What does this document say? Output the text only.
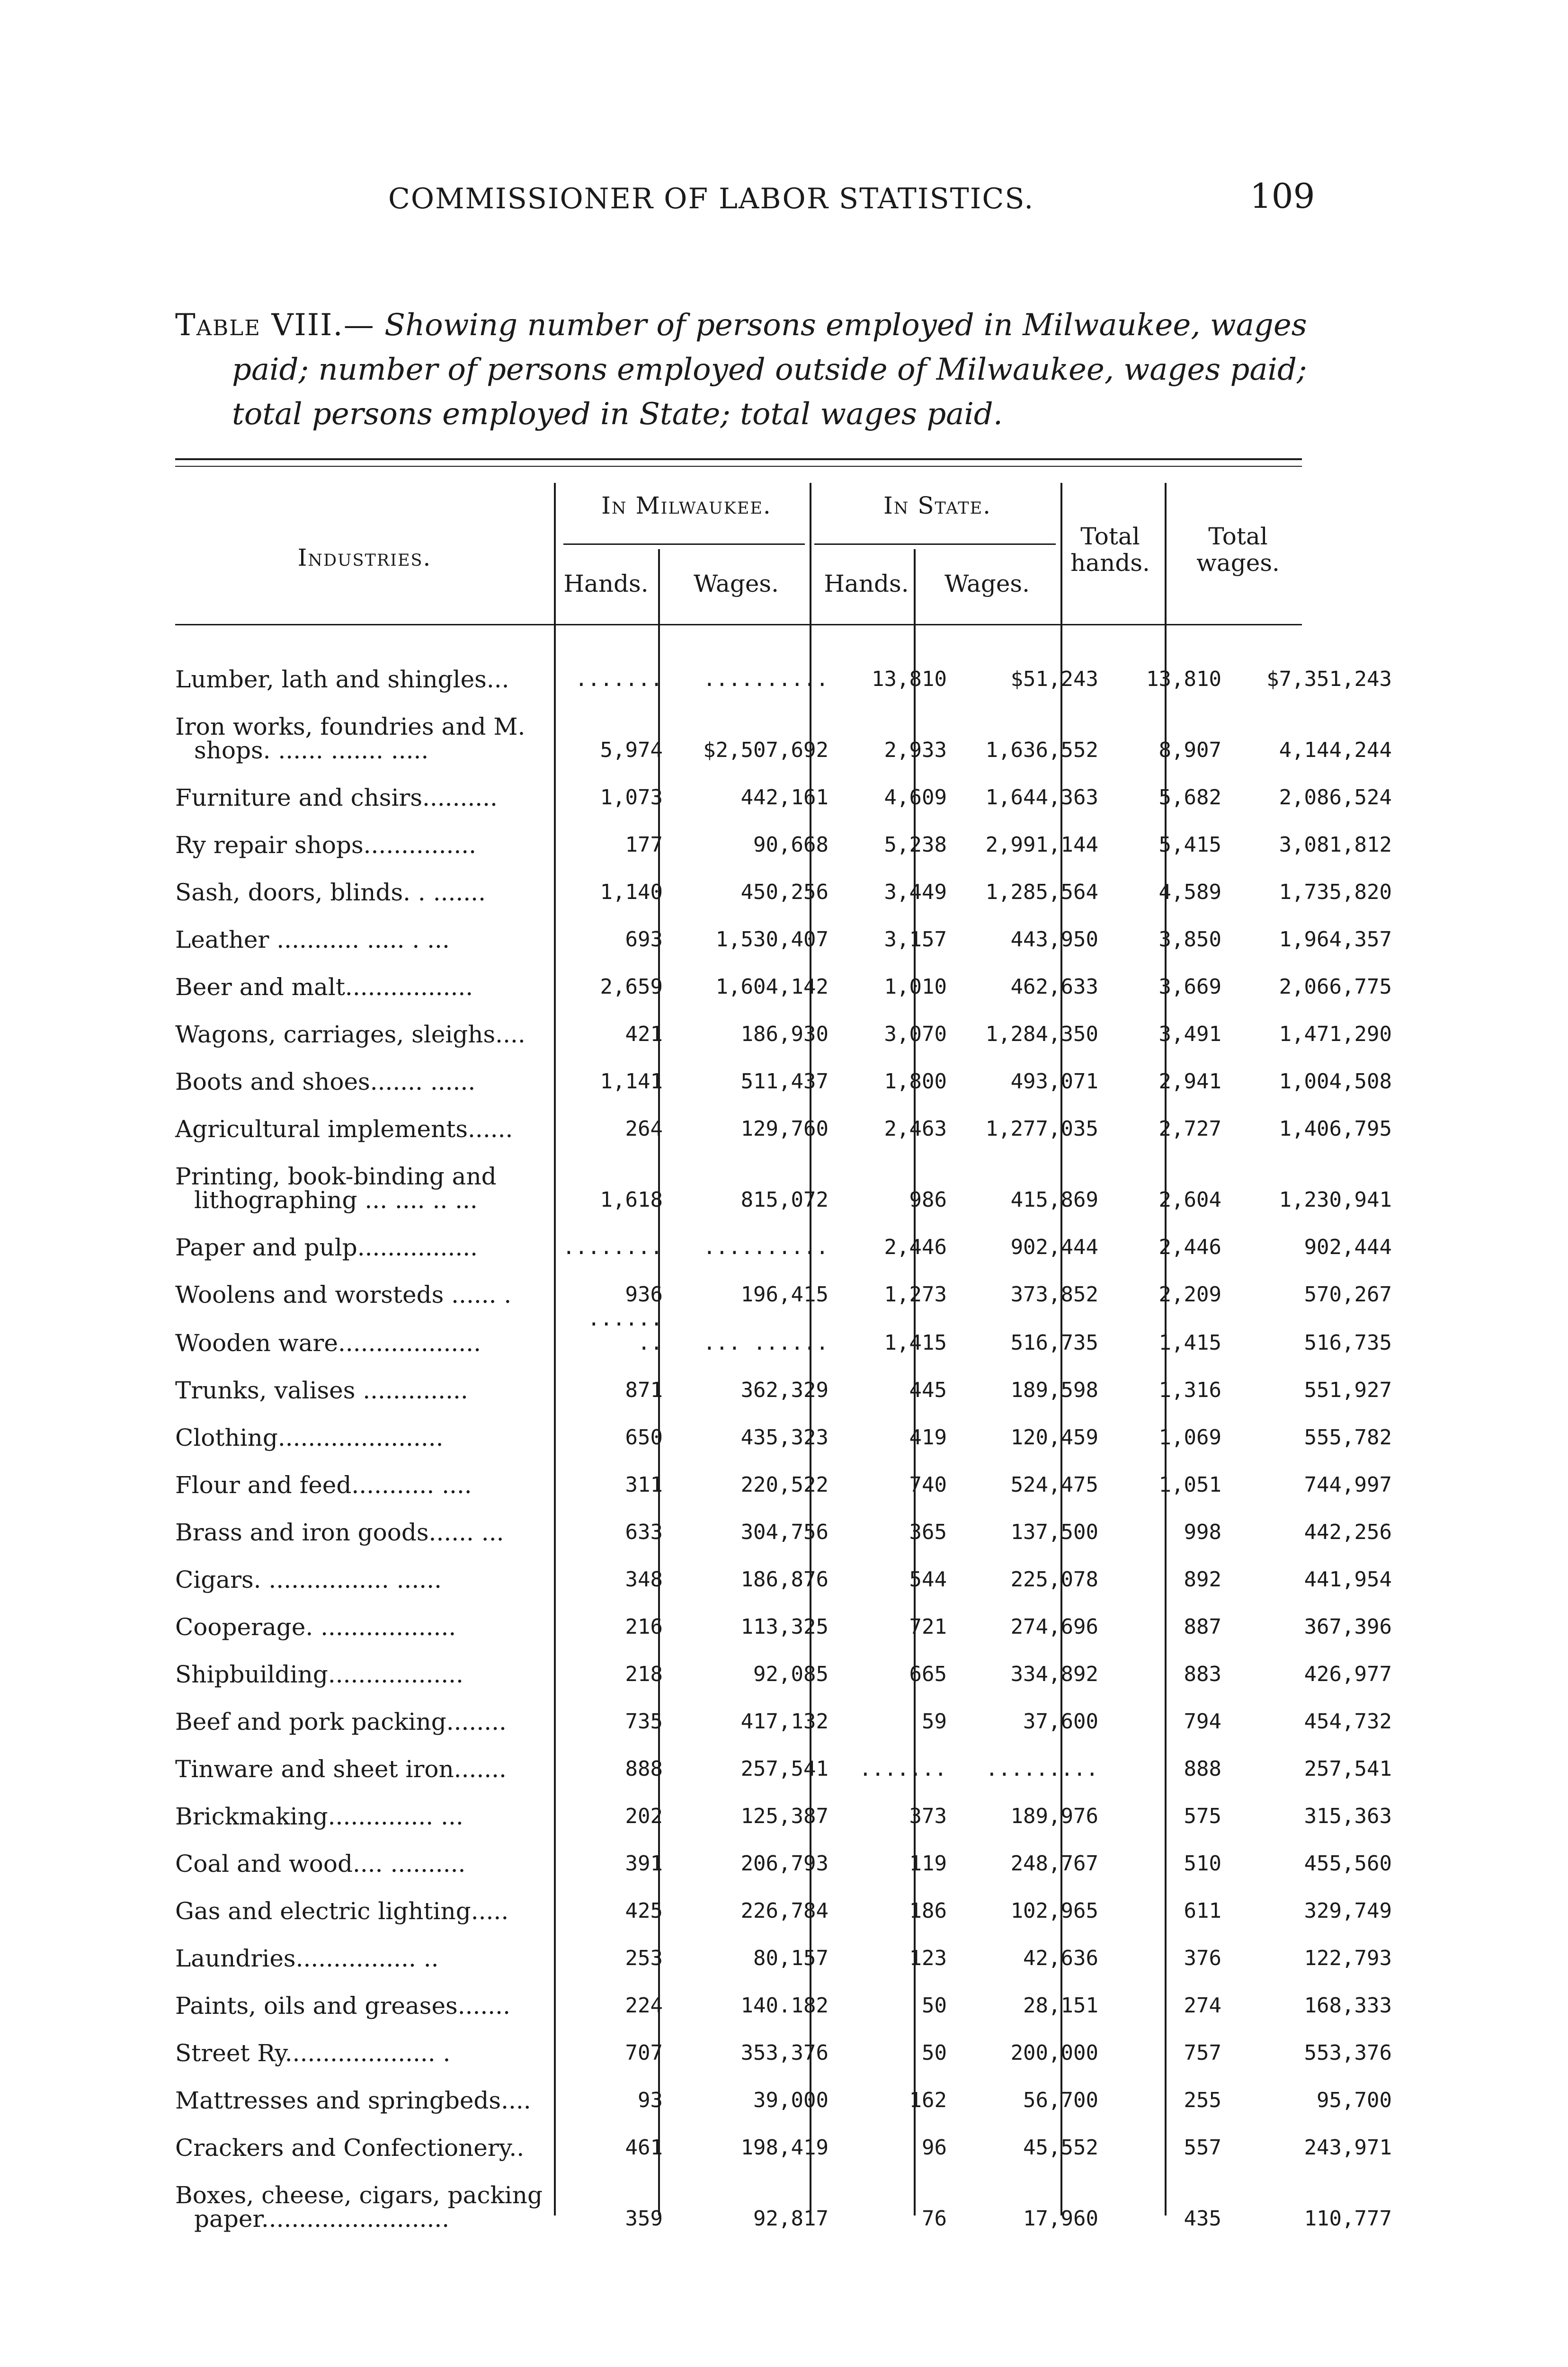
COMMISSIONER OF LABOR STATISTICS.	109
Table VIII.— Showing number of persons employed in Milwaukee, wages
paid; number of persons employed outside of Milwaukee, wages paid;
total persons employed in State; total wages paid.
Industries.
In Milwaukee.	In State.
Hands.	Wages.	Hands.	Wages.
Total
hands.
Total
wages.
Lumber, lath and shingles...	.......	..........	13,810	$51,243	13,810	$7,351,243
Iron works, foundries and M.
shops. ...... ....... .....	5,974	$2,507,692	2,933	1,636,552	8,907	4,144,244
Furniture and chsirs..........	1,073	442,161	4,609	1,644,363	5,682	2,086,524
Ry repair shops...............	177	90,668	5,238	2,991,144	5,415	3,081,812
Sash, doors, blinds. . .......	1,140	450,256	3,449	1,285,564	4,589	1,735,820
Leather ........... ..... . ...	693	1,530,407	3,157	443,950	3,850	1,964,357
Beer and malt.................	2,659	1,604,142	1,010	462,633	3,669	2,066,775
Wagons, carriages, sleighs....	421	186,930	3,070	1,284,350	3,491	1,471,290
Boots and shoes....... ......	1,141	511,437	1,800	493,071	2,941	1,004,508
Agricultural implements......	264	129,760	2,463	1,277,035	2,727	1,406,795
Printing, book-binding and
lithographing ... .... .. ...	1,618	815,072	986	415,869	2,604	1,230,941
Paper and pulp................	........	..........	2,446	902,444	2,446	902,444
Woolens and worsteds ...... .	936	196,415	1,273	373,852	2,209	570,267
Wooden ware...................	...... ..	... ......	1,415	516,735	1,415	516,735
Trunks, valises ..............	871	362,329	445	189,598	1,316	551,927
Clothing......................	650	435,323	419	120,459	1,069	555,782
Flour and feed........... ....	311	220,522	740	524,475	1,051	744,997
Brass and iron goods...... ...	633	304,756	365	137,500	998	442,256
Cigars. ................ ......	348	186,876	544	225,078	892	441,954
Cooperage. ..................	216	113,325	721	274,696	887	367,396
Shipbuilding..................	218	92,085	665	334,892	883	426,977
Beef and pork packing........	735	417,132	59	37,600	794	454,732
Tinware and sheet iron.......	888	257,541	.......	.........	888	257,541
Brickmaking.............. ...	202	125,387	373	189,976	575	315,363
Coal and wood.... ..........	391	206,793	119	248,767	510	455,560
Gas and electric lighting.....	425	226,784	186	102,965	611	329,749
Laundries................ ..	253	80,157	123	42,636	376	122,793
Paints, oils and greases.......	224	140.182	50	28,151	274	168,333
Street Ry.................... .	707	353,376	50	200,000	757	553,376
Mattresses and springbeds....	93	39,000	162	56,700	255	95,700
Crackers and Confectionery..	461	198,419	96	45,552	557	243,971
Boxes, cheese, cigars, packing
paper.........................	359	92,817	76	17,960	435	110,777
